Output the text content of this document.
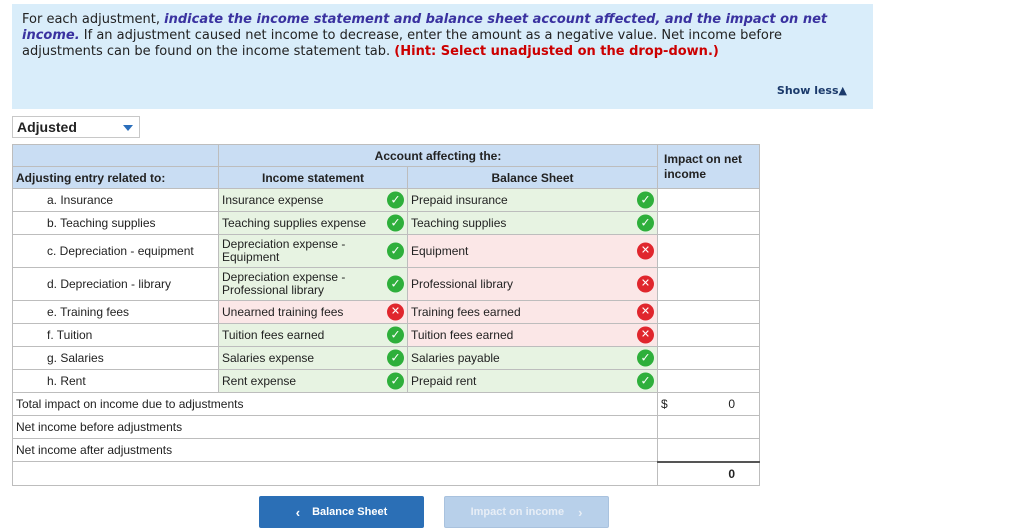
For each adjustment, indicate the income statement and balance sheet account affected, and the impact on net income. If an adjustment caused net income to decrease, enter the amount as a negative value. Net income before adjustments can be found on the income statement tab. (Hint: Select unadjusted on the drop-down.)
Show less▲
Adjusted
	Account affecting the:		Impact on net income
Adjusting entry related to:	Income statement	Balance Sheet	
a. Insurance	Insurance expense ✓	Prepaid insurance ✓	

b. Teaching supplies	Teaching supplies expense ✓	Teaching supplies ✓	

c. Depreciation - equipment	Depreciation expense - Equipment ✓	Equipment ✕	

d. Depreciation - library	Depreciation expense - Professional library ✓	Professional library ✕	

e. Training fees	Unearned training fees ✕	Training fees earned ✕	

f. Tuition	Tuition fees earned ✓	Tuition fees earned ✕	

g. Salaries	Salaries expense ✓	Salaries payable ✓	

h. Rent	Rent expense ✓	Prepaid rent ✓	

Total impact on income due to adjustments			$ 0

Net income before adjustments			
Net income after adjustments			
			0
‹ Balance Sheet	Impact on income ›
